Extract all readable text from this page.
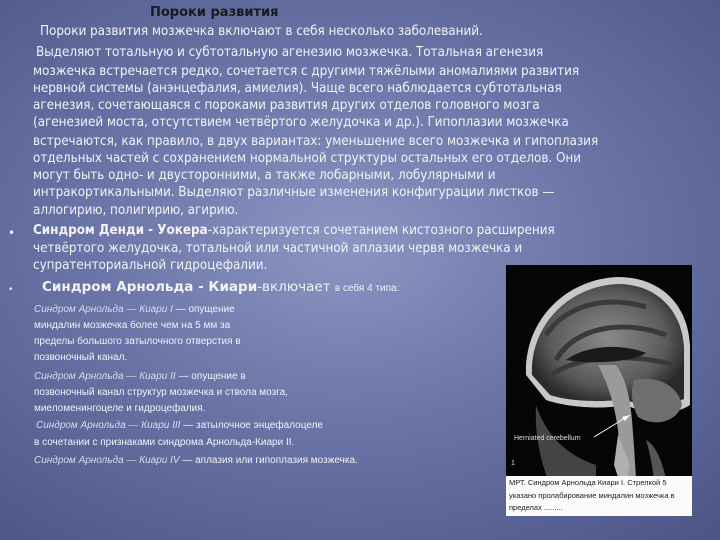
Пороки развития
Пороки развития мозжечка включают в себя несколько заболеваний.
Выделяют тотальную и субтотальную агенезию мозжечка. Тотальная агенезия
мозжечка встречается редко, сочетается с другими тяжёлыми аномалиями развития
нервной системы (анэнцефалия, амиелия). Чаще всего наблюдается субтотальная
агенезия, сочетающаяся с пороками развития других отделов головного мозга
(агенезией моста, отсутствием четвёртого желудочка и др.). Гипоплазии мозжечка
встречаются, как правило, в двух вариантах: уменьшение всего мозжечка и гипоплазия
отдельных частей с сохранением нормальной структуры остальных его отделов. Они
могут быть одно- и двусторонними, а также лобарными, лобулярными и
интракортикальными. Выделяют различные изменения конфигурации листков —
аллогирию, полигирию, агирию.
• Синдром Денди - Уокера-характеризуется сочетанием кистозного расширения
четвёртого желудочка, тотальной или частичной аплазии червя мозжечка и
супратенториальной гидроцефалии.
• Синдром Арнольда - Киари-включает в себя 4 типа:
Синдром Арнольда — Киари I — опущение
миндалин мозжечка более чем на 5 мм за
пределы большого затылочного отверстия в
позвоночный канал.
Синдром Арнольда — Киари II — опущение в
позвоночный канал структур мозжечка и ствола мозга,
миеломенингоцеле и гидроцефалия.
Синдром Арнольда — Киари III — затылочное энцефалоцеле
в сочетании с признаками синдрома Арнольда-Киари II.
Синдром Арнольда — Киари IV — аплазия или гипоплазия мозжечка.
Herniated cerebellum
1
МРТ. Синдром Арнольда Киари I. Стрелкой 5
указано пролабирование миндалин мозжечка в
пределах .........
